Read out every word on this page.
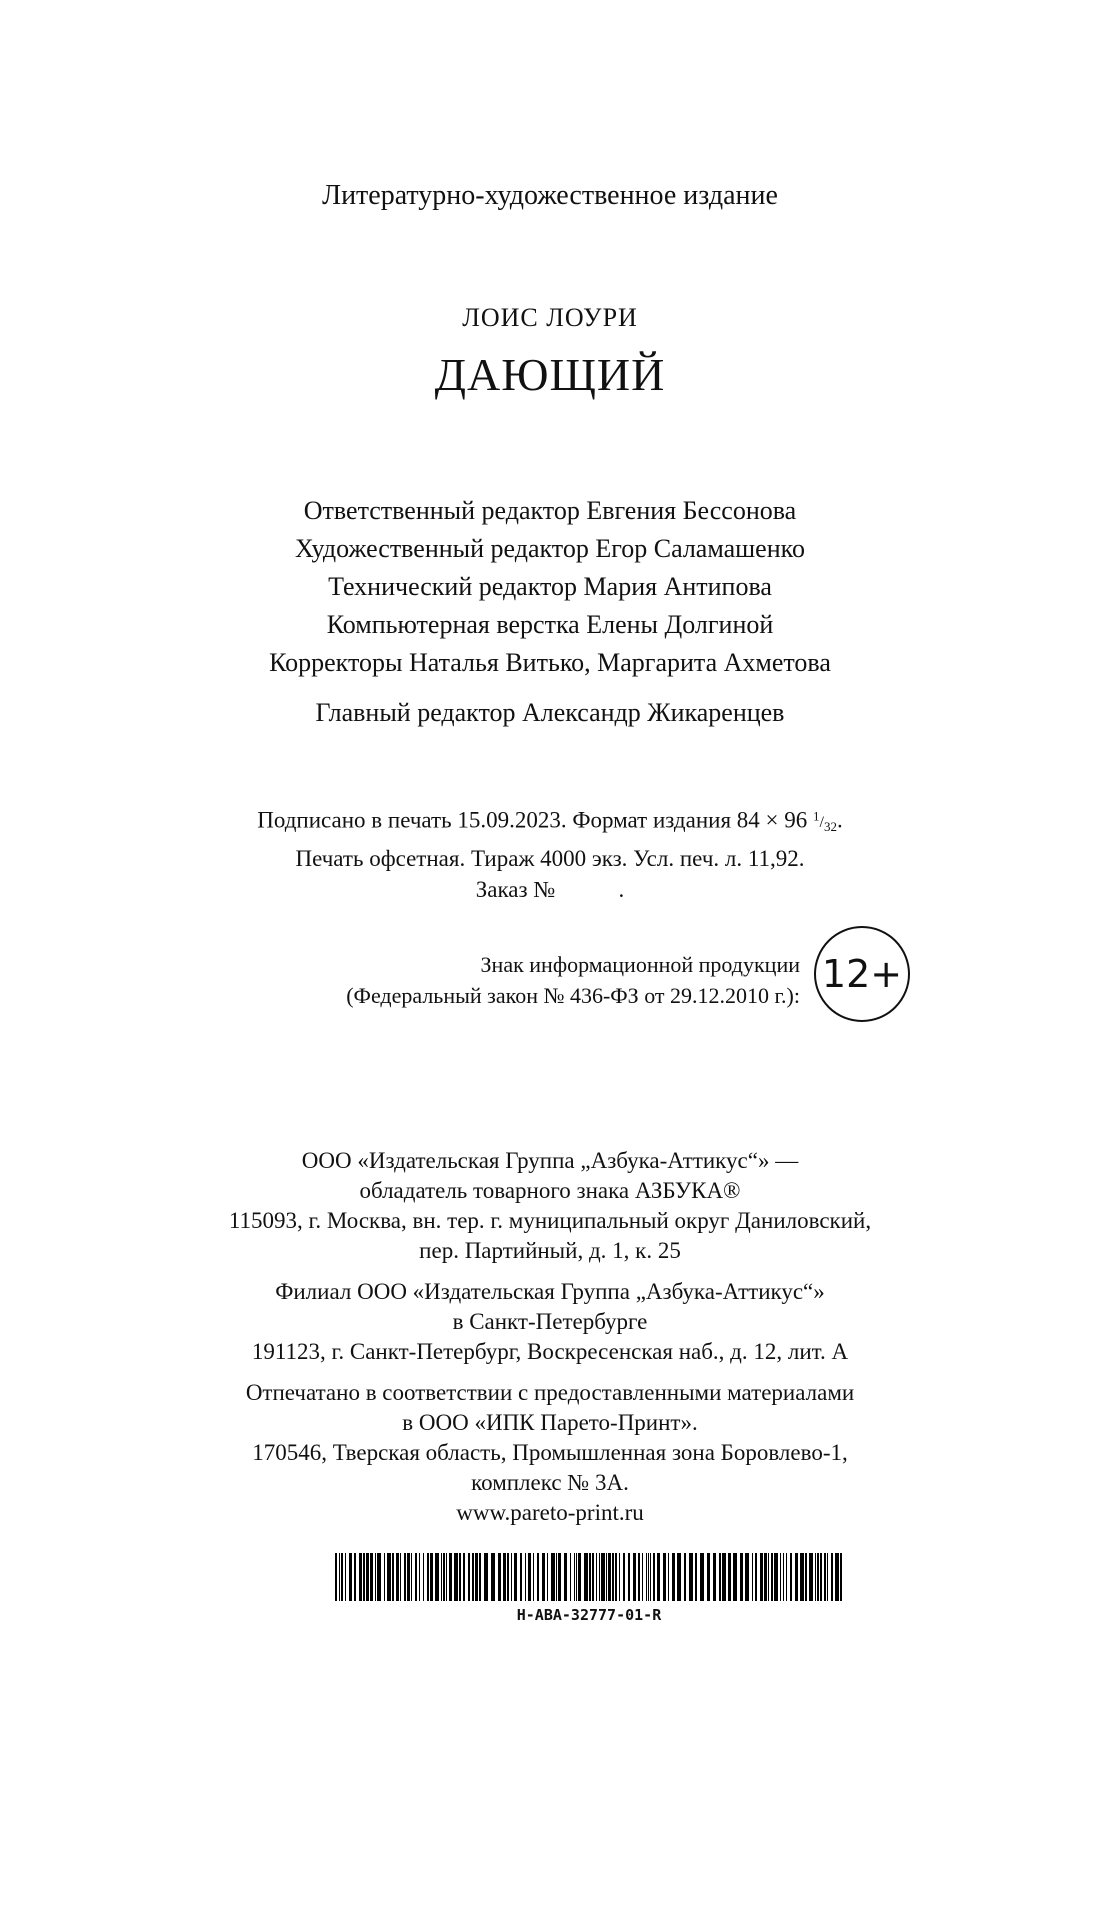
Литературно-художественное издание
ЛОИС ЛОУРИ
ДАЮЩИЙ
Ответственный редактор Евгения Бессонова
Художественный редактор Егор Саламашенко
Технический редактор Мария Антипова
Компьютерная верстка Елены Долгиной
Корректоры Наталья Витько, Маргарита Ахметова
Главный редактор Александр Жикаренцев
Подписано в печать 15.09.2023. Формат издания 84 × 96 $^1/_{32}$.
Печать офсетная. Тираж 4000 экз. Усл. печ. л. 11,92.
Заказ №           .
Знак информационной продукции
(Федеральный закон № 436-ФЗ от 29.12.2010 г.): 12+
ООО «Издательская Группа „Азбука-Аттикус“» —
обладатель товарного знака АЗБУКА®
115093, г. Москва, вн. тер. г. муниципальный округ Даниловский,
пер. Партийный, д. 1, к. 25
Филиал ООО «Издательская Группа „Азбука-Аттикус“»
в Санкт-Петербурге
191123, г. Санкт-Петербург, Воскресенская наб., д. 12, лит. А
Отпечатано в соответствии с предоставленными материалами
в ООО «ИПК Парето-Принт».
170546, Тверская область, Промышленная зона Боровлево-1,
комплекс № 3А.
www.pareto-print.ru
H-ABA-32777-01-R
